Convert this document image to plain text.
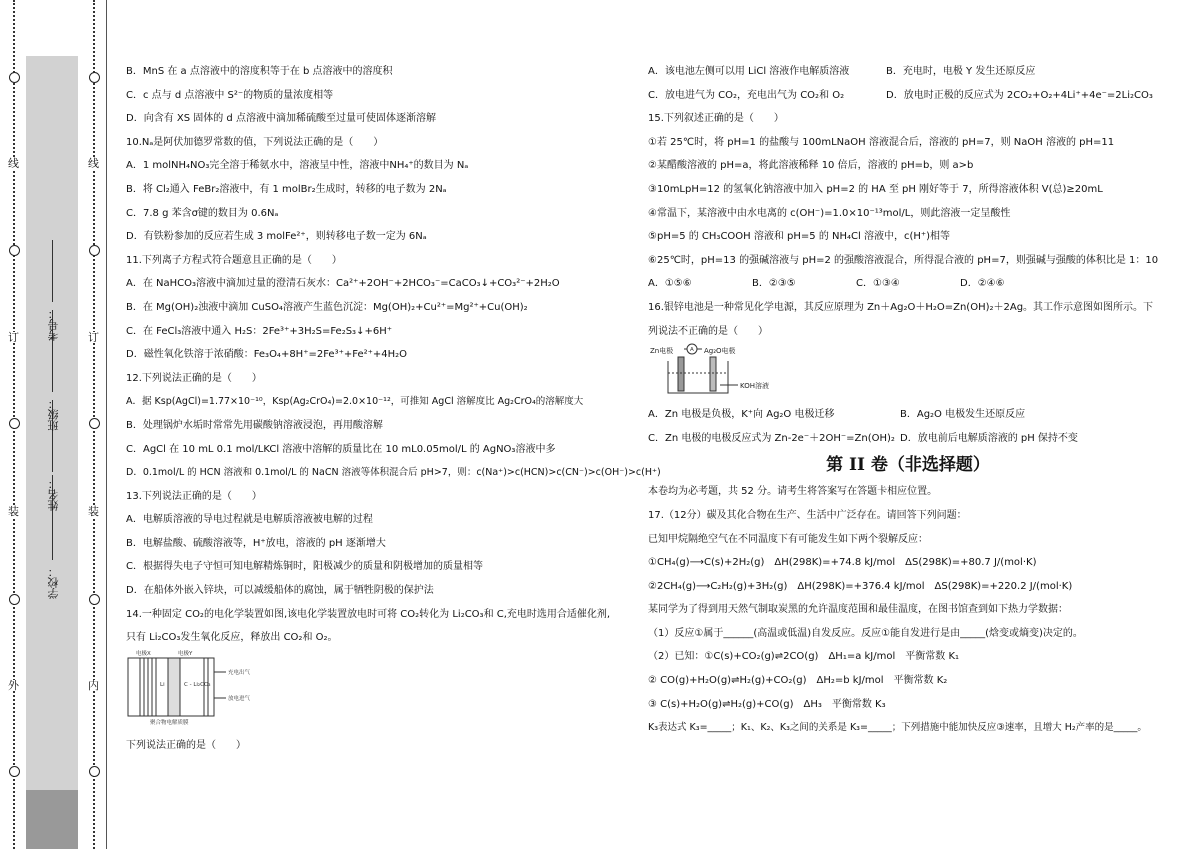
线
订
装
外
线
订
装
内
学校：
姓名：
班级：
考号：
B．MnS 在 a 点溶液中的溶度积等于在 b 点溶液中的溶度积
C．c 点与 d 点溶液中 S²⁻的物质的量浓度相等
D．向含有 XS 固体的 d 点溶液中滴加稀硫酸至过量可使固体逐渐溶解
10.Nₐ是阿伏加德罗常数的值，下列说法正确的是（　　）
A．1 molNH₄NO₃完全溶于稀氨水中，溶液呈中性，溶液中NH₄⁺的数目为 Nₐ
B．将 Cl₂通入 FeBr₂溶液中，有 1 molBr₂生成时，转移的电子数为 2Nₐ
C．7.8 g 苯含σ键的数目为 0.6Nₐ
D．有铁粉参加的反应若生成 3 molFe²⁺，则转移电子数一定为 6Nₐ
11.下列离子方程式符合题意且正确的是（　　）
A．在 NaHCO₃溶液中滴加过量的澄清石灰水：Ca²⁺+2OH⁻+2HCO₃⁻=CaCO₃↓+CO₃²⁻+2H₂O
B．在 Mg(OH)₂浊液中滴加 CuSO₄溶液产生蓝色沉淀：Mg(OH)₂+Cu²⁺=Mg²⁺+Cu(OH)₂
C．在 FeCl₃溶液中通入 H₂S：2Fe³⁺+3H₂S=Fe₂S₃↓+6H⁺
D．磁性氧化铁溶于浓硝酸：Fe₃O₄+8H⁺=2Fe³⁺+Fe²⁺+4H₂O
12.下列说法正确的是（　　）
A．据 Ksp(AgCl)=1.77×10⁻¹⁰，Ksp(Ag₂CrO₄)=2.0×10⁻¹²，可推知 AgCl 溶解度比 Ag₂CrO₄的溶解度大
B．处理锅炉水垢时常常先用碳酸钠溶液浸泡，再用酸溶解
C．AgCl 在 10 mL 0.1 mol/LKCl 溶液中溶解的质量比在 10 mL0.05mol/L 的 AgNO₃溶液中多
D．0.1mol/L 的 HCN 溶液和 0.1mol/L 的 NaCN 溶液等体积混合后 pH>7，则：c(Na⁺)>c(HCN)>c(CN⁻)>c(OH⁻)>c(H⁺)
13.下列说法正确的是（　　）
A．电解质溶液的导电过程就是电解质溶液被电解的过程
B．电解盐酸、硫酸溶液等，H⁺放电，溶液的 pH 逐渐增大
C．根据得失电子守恒可知电解精炼铜时，阳极减少的质量和阴极增加的质量相等
D．在船体外嵌入锌块，可以减缓船体的腐蚀，属于牺牲阴极的保护法
14.一种固定 CO₂的电化学装置如图,该电化学装置放电时可将 CO₂转化为 Li₂CO₃和 C,充电时选用合适催化剂,
只有 Li₂CO₃发生氧化反应，释放出 CO₂和 O₂。
电极X	电极Y
Li	C - Li₂CO₃
聚合物电解质膜
充电出气
放电进气
下列说法正确的是（　　）
A．该电池左侧可以用 LiCl 溶液作电解质溶液	B．充电时，电极 Y 发生还原反应
C．放电进气为 CO₂，充电出气为 CO₂和 O₂	D．放电时正极的反应式为 2CO₂+O₂+4Li⁺+4e⁻=2Li₂CO₃
15.下列叙述正确的是（　　）
①若 25℃时，将 pH=1 的盐酸与 100mLNaOH 溶液混合后，溶液的 pH=7，则 NaOH 溶液的 pH=11
②某醋酸溶液的 pH=a，将此溶液稀释 10 倍后，溶液的 pH=b，则 a>b
③10mLpH=12 的氢氧化钠溶液中加入 pH=2 的 HA 至 pH 刚好等于 7，所得溶液体积 V(总)≥20mL
④常温下，某溶液中由水电离的 c(OH⁻)=1.0×10⁻¹³mol/L，则此溶液一定呈酸性
⑤pH=5 的 CH₃COOH 溶液和 pH=5 的 NH₄Cl 溶液中，c(H⁺)相等
⑥25℃时，pH=13 的强碱溶液与 pH=2 的强酸溶液混合，所得混合液的 pH=7，则强碱与强酸的体积比是 1：10
A．①⑤⑥	B．②③⑤	C．①③④	D．②④⑥
16.银锌电池是一种常见化学电源，其反应原理为 Zn＋Ag₂O＋H₂O=Zn(OH)₂＋2Ag。其工作示意图如图所示。下
列说法不正确的是（　　）
Zn电极	Ag₂O电极
A
KOH溶液
A．Zn 电极是负极，K⁺向 Ag₂O 电极迁移	B．Ag₂O 电极发生还原反应
C．Zn 电极的电极反应式为 Zn-2e⁻＋2OH⁻=Zn(OH)₂ D．放电前后电解质溶液的 pH 保持不变
第 II 卷（非选择题）
本卷均为必考题，共 52 分。请考生将答案写在答题卡相应位置。
17.（12分）碳及其化合物在生产、生活中广泛存在。请回答下列问题：
已知甲烷隔绝空气在不同温度下有可能发生如下两个裂解反应：
①CH₄(g)⟶C(s)+2H₂(g)　ΔH(298K)=+74.8 kJ/mol　ΔS(298K)=+80.7 J/(mol·K)
②2CH₄(g)⟶C₂H₂(g)+3H₂(g)　ΔH(298K)=+376.4 kJ/mol　ΔS(298K)=+220.2 J/(mol·K)
某同学为了得到用天然气制取炭黑的允许温度范围和最佳温度，在图书馆查到如下热力学数据：
（1）反应①属于______(高温或低温)自发反应。反应①能自发进行是由_____(焓变或熵变)决定的。
（2）已知：①C(s)+CO₂(g)⇌2CO(g)　ΔH₁=a kJ/mol　平衡常数 K₁
② CO(g)+H₂O(g)⇌H₂(g)+CO₂(g)　ΔH₂=b kJ/mol　平衡常数 K₂
③ C(s)+H₂O(g)⇌H₂(g)+CO(g)　ΔH₃　平衡常数 K₃
K₃表达式 K₃=_____；K₁、K₂、K₃之间的关系是 K₃=_____；下列措施中能加快反应③速率，且增大 H₂产率的是_____。
